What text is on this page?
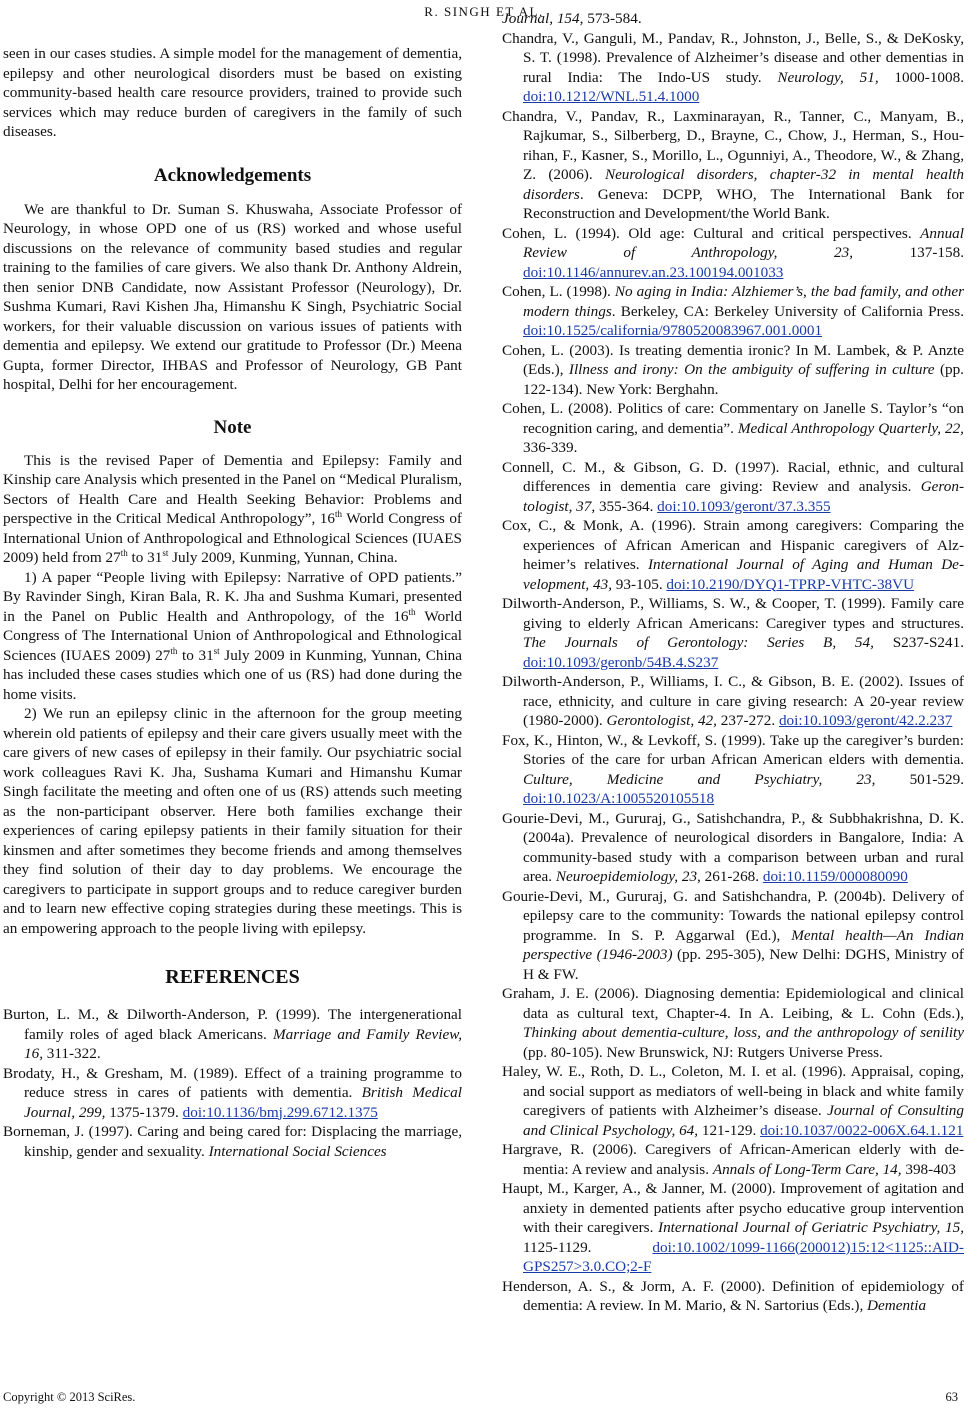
R. SINGH ET AL.

seen in our cases studies. A simple model for the management of dementia, epilepsy and other neurological disorders must be based on existing community-based health care resource providers, trained to provide such services which may reduce burden of caregivers in the family of such diseases.

Acknowledgements

We are thankful to Dr. Suman S. Khuswaha, Associate Professor of Neurology, in whose OPD one of us (RS) worked and whose useful discussions on the relevance of community based studies and regular training to the families of care givers. We also thank Dr. Anthony Aldrein, then senior DNB Candidate, now Assistant Professor (Neurology), Dr. Sushma Kumari, Ravi Kishen Jha, Himanshu K Singh, Psychiatric Social workers, for their valuable discussion on various issues of patients with dementia and epilepsy. We extend our gratitude to Professor (Dr.) Meena Gupta, former Director, IHBAS and Professor of Neurology, GB Pant hospital, Delhi for her encouragement.

Note

This is the revised Paper of Dementia and Epilepsy: Family and Kinship care Analysis which presented in the Panel on “Medical Pluralism, Sectors of Health Care and Health Seeking Behavior: Problems and perspective in the Critical Medical Anthropology”, 16th World Congress of International Union of Anthropological and Ethnological Sciences (IUAES 2009) held from 27th to 31st July 2009, Kunming, Yunnan, China.

1) A paper “People living with Epilepsy: Narrative of OPD patients.” By Ravinder Singh, Kiran Bala, R. K. Jha and Sushma Kumari, presented in the Panel on Public Health and Anthropology, of the 16th World Congress of The International Union of Anthropological and Ethnological Sciences (IUAES 2009) 27th to 31st July 2009 in Kunming, Yunnan, China has included these cases studies which one of us (RS) had done during the home visits.

2) We run an epilepsy clinic in the afternoon for the group meeting wherein old patients of epilepsy and their care givers usually meet with the care givers of new cases of epilepsy in their family. Our psychiatric social work colleagues Ravi K. Jha, Sushama Kumari and Himanshu Kumar Singh facilitate the meeting and often one of us (RS) attends such meeting as the non-participant observer. Here both families exchange their experiences of caring epilepsy patients in their family situation for their kinsmen and after sometimes they become friends and among themselves they find solution of their day to day problems. We encourage the caregivers to participate in support groups and to reduce caregiver burden and to learn new effective coping strategies during these meetings. This is an empowering approach to the people living with epilepsy.

REFERENCES

Burton, L. M., & Dilworth-Anderson, P. (1999). The intergenerational family roles of aged black Americans. Marriage and Family Review, 16, 311-322.

Brodaty, H., & Gresham, M. (1989). Effect of a training programme to reduce stress in cares of patients with dementia. British Medical Journal, 299, 1375-1379. doi:10.1136/bmj.299.6712.1375

Borneman, J. (1997). Caring and being cared for: Displacing the marriage, kinship, gender and sexuality. International Social Sciences

Journal, 154, 573-584.

Chandra, V., Ganguli, M., Pandav, R., Johnston, J., Belle, S., & DeKosky, S. T. (1998). Prevalence of Alzheimer’s disease and other dementias in rural India: The Indo-US study. Neurology, 51, 1000-1008. doi:10.1212/WNL.51.4.1000

Chandra, V., Pandav, R., Laxminarayan, R., Tanner, C., Manyam, B., Rajkumar, S., Silberberg, D., Brayne, C., Chow, J., Herman, S., Hourihan, F., Kasner, S., Morillo, L., Ogunniyi, A., Theodore, W., & Zhang, Z. (2006). Neurological disorders, chapter-32 in mental health disorders. Geneva: DCPP, WHO, The International Bank for Reconstruction and Development/the World Bank.

Cohen, L. (1994). Old age: Cultural and critical perspectives. Annual Review of Anthropology, 23, 137-158. doi:10.1146/annurev.an.23.100194.001033

Cohen, L. (1998). No aging in India: Alzhiemer’s, the bad family, and other modern things. Berkeley, CA: Berkeley University of California Press. doi:10.1525/california/9780520083967.001.0001

Cohen, L. (2003). Is treating dementia ironic? In M. Lambek, & P. Anzte (Eds.), Illness and irony: On the ambiguity of suffering in culture (pp. 122-134). New York: Berghahn.

Cohen, L. (2008). Politics of care: Commentary on Janelle S. Taylor’s “on recognition caring, and dementia”. Medical Anthropology Quarterly, 22, 336-339.

Connell, C. M., & Gibson, G. D. (1997). Racial, ethnic, and cultural differences in dementia care giving: Review and analysis. Gerontologist, 37, 355-364. doi:10.1093/geront/37.3.355

Cox, C., & Monk, A. (1996). Strain among caregivers: Comparing the experiences of African American and Hispanic caregivers of Alzheimer’s relatives. International Journal of Aging and Human Development, 43, 93-105. doi:10.2190/DYQ1-TPRP-VHTC-38VU

Dilworth-Anderson, P., Williams, S. W., & Cooper, T. (1999). Family care giving to elderly African Americans: Caregiver types and structures. The Journals of Gerontology: Series B, 54, S237-S241. doi:10.1093/geronb/54B.4.S237

Dilworth-Anderson, P., Williams, I. C., & Gibson, B. E. (2002). Issues of race, ethnicity, and culture in care giving research: A 20-year review (1980-2000). Gerontologist, 42, 237-272. doi:10.1093/geront/42.2.237

Fox, K., Hinton, W., & Levkoff, S. (1999). Take up the caregiver’s burden: Stories of the care for urban African American elders with dementia. Culture, Medicine and Psychiatry, 23, 501-529. doi:10.1023/A:1005520105518

Gourie-Devi, M., Gururaj, G., Satishchandra, P., & Subbhakrishna, D. K. (2004a). Prevalence of neurological disorders in Bangalore, India: A community-based study with a comparison between urban and rural area. Neuroepidemiology, 23, 261-268. doi:10.1159/000080090

Gourie-Devi, M., Gururaj, G. and Satishchandra, P. (2004b). Delivery of epilepsy care to the community: Towards the national epilepsy control programme. In S. P. Aggarwal (Ed.), Mental health—An Indian perspective (1946-2003) (pp. 295-305), New Delhi: DGHS, Ministry of H & FW.

Graham, J. E. (2006). Diagnosing dementia: Epidemiological and clinical data as cultural text, Chapter-4. In A. Leibing, & L. Cohn (Eds.), Thinking about dementia-culture, loss, and the anthropology of senility (pp. 80-105). New Brunswick, NJ: Rutgers Universe Press.

Haley, W. E., Roth, D. L., Coleton, M. I. et al. (1996). Appraisal, coping, and social support as mediators of well-being in black and white family caregivers of patients with Alzheimer’s disease. Journal of Consulting and Clinical Psychology, 64, 121-129. doi:10.1037/0022-006X.64.1.121

Hargrave, R. (2006). Caregivers of African-American elderly with dementia: A review and analysis. Annals of Long-Term Care, 14, 398-403

Haupt, M., Karger, A., & Janner, M. (2000). Improvement of agitation and anxiety in demented patients after psycho educative group intervention with their caregivers. International Journal of Geriatric Psychiatry, 15, 1125-1129. doi:10.1002/1099-1166(200012)15:12<1125::AID-GPS257>3.0.CO;2-F

Henderson, A. S., & Jorm, A. F. (2000). Definition of epidemiology of dementia: A review. In M. Mario, & N. Sartorius (Eds.), Dementia

Copyright © 2013 SciRes.	63
